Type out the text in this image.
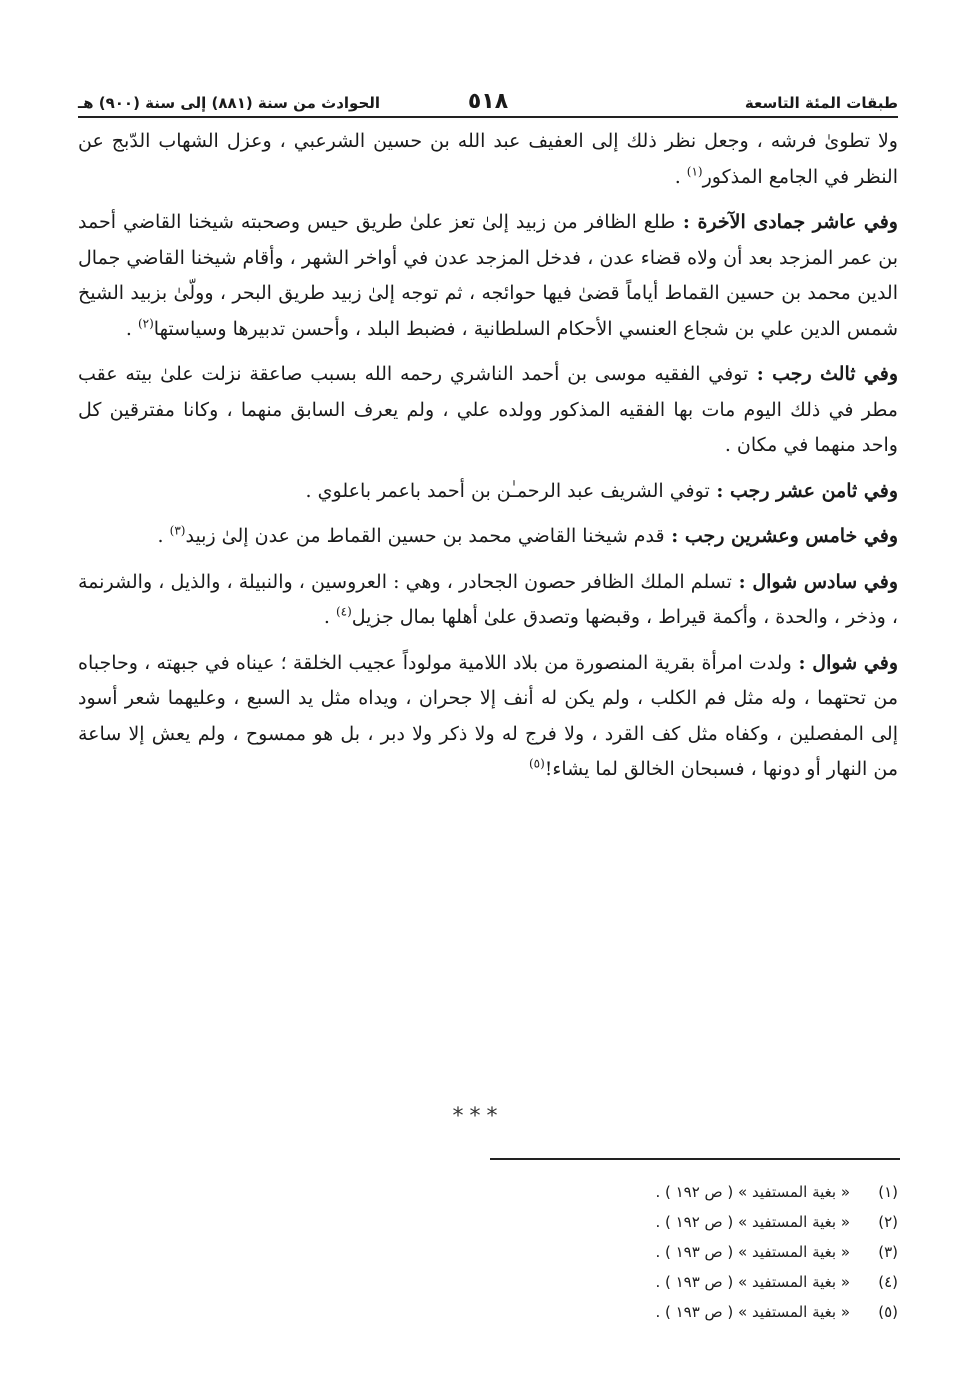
طبقات المئة التاسعة
٥١٨
الحوادث من سنة (٨٨١) إلى سنة (٩٠٠) هـ

ولا تطوىٰ فرشه ، وجعل نظر ذلك إلى العفيف عبد الله بن حسين الشرعبي ، وعزل الشهاب الدّبج عن النظر في الجامع المذكور$^{(١)}$ .

وفي عاشر جمادى الآخرة : طلع الظافر من زبيد إلىٰ تعز علىٰ طريق حيس وصحبته شيخنا القاضي أحمد بن عمر المزجد بعد أن ولاه قضاء عدن ، فدخل المزجد عدن في أواخر الشهر ، وأقام شيخنا القاضي جمال الدين محمد بن حسين القماط أياماً قضىٰ فيها حوائجه ، ثم توجه إلىٰ زبيد طريق البحر ، وولّىٰ بزبيد الشيخ شمس الدين علي بن شجاع العنسي الأحكام السلطانية ، فضبط البلد ، وأحسن تدبيرها وسياستها$^{(٢)}$ .

وفي ثالث رجب : توفي الفقيه موسى بن أحمد الناشري رحمه الله بسبب صاعقة نزلت علىٰ بيته عقب مطر في ذلك اليوم مات بها الفقيه المذكور وولده علي ، ولم يعرف السابق منهما ، وكانا مفترقين كل واحد منهما في مكان .

وفي ثامن عشر رجب : توفي الشريف عبد الرحمـٰن بن أحمد باعمر باعلوي .

وفي خامس وعشرين رجب : قدم شيخنا القاضي محمد بن حسين القماط من عدن إلىٰ زبيد$^{(٣)}$ .

وفي سادس شوال : تسلم الملك الظافر حصون الجحادر ، وهي : العروسين ، والنبيلة ، والذيل ، والشرنمة ، وذخر ، والحدة ، وأكمة قيراط ، وقبضها وتصدق علىٰ أهلها بمال جزيل$^{(٤)}$ .

وفي شوال : ولدت امرأة بقرية المنصورة من بلاد اللامية مولوداً عجيب الخلقة ؛ عيناه في جبهته ، وحاجباه من تحتهما ، وله مثل فم الكلب ، ولم يكن له أنف إلا جحران ، ويداه مثل يد السبع ، وعليهما شعر أسود إلى المفصلين ، وكفاه مثل كف القرد ، ولا فرج له ولا ذكر ولا دبر ، بل هو ممسوح ، ولم يعش إلا ساعة من النهار أو دونها ، فسبحان الخالق لما يشاء!$^{(٥)}$

***
(١)« بغية المستفيد » ( ص ١٩٢ ) .
(٢)« بغية المستفيد » ( ص ١٩٢ ) .
(٣)« بغية المستفيد » ( ص ١٩٣ ) .
(٤)« بغية المستفيد » ( ص ١٩٣ ) .
(٥)« بغية المستفيد » ( ص ١٩٣ ) .
